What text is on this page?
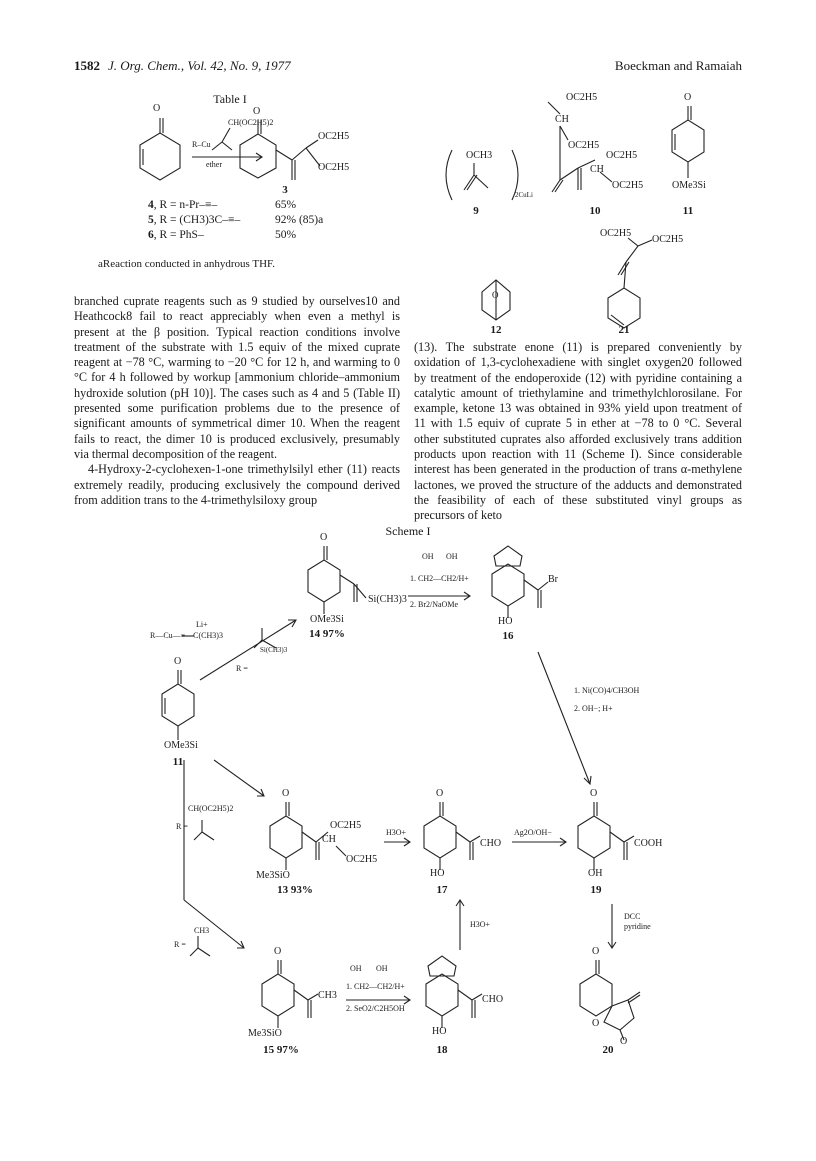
1582 J. Org. Chem., Vol. 42, No. 9, 1977	Boeckman and Ramaiah
Table I
O
CH(OC2H5)2
R–Cu
ether
O
OC2H5
OC2H5
3
4, R = n-Pr–≡–	65%
5, R = (CH3)3C–≡–	92% (85)a
6, R = PhS–	50%
aReaction conducted in anhydrous THF.
OCH3
2CuLi
9
OC2H5
CH
OC2H5
OC2H5
CH
OC2H5
10
O
OMe3Si
11
O
12
OC2H5
OC2H5
21

branched cuprate reagents such as 9 studied by ourselves10 and Heathcock8 fail to react appreciably when even a methyl is present at the β position. Typical reaction conditions involve treatment of the substrate with 1.5 equiv of the mixed cuprate reagent at −78 °C, warming to −20 °C for 12 h, and warming to 0 °C for 4 h followed by workup [ammonium chloride–ammonium hydroxide solution (pH 10)]. The cases such as 4 and 5 (Table II) presented some purification problems due to the presence of significant amounts of symmetrical dimer 10. When the reagent fails to react, the dimer 10 is produced exclusively, presumably via thermal decomposition of the reagent.

4-Hydroxy-2-cyclohexen-1-one trimethylsilyl ether (11) reacts extremely readily, producing exclusively the compound derived from addition trans to the 4-trimethylsiloxy group

(13). The substrate enone (11) is prepared conveniently by oxidation of 1,3-cyclohexadiene with singlet oxygen20 followed by treatment of the endoperoxide (12) with pyridine containing a catalytic amount of triethylamine and trimethylchlorosilane. For example, ketone 13 was obtained in 93% yield upon treatment of 11 with 1.5 equiv of cuprate 5 in ether at −78 to 0 °C. Several other substituted cuprates also afforded exclusively trans addition products upon reaction with 11 (Scheme I). Since considerable interest has been generated in the production of trans α-methylene lactones, we proved the structure of the adducts and demonstrated the feasibility of each of these substituted vinyl groups as precursors of keto

Scheme I
O
OMe3Si
11
Li+
R—Cu—≡—C(CH3)3
Si(CH3)3
R =
O
Si(CH3)3
OMe3Si
14 97%
OH OH
1. CH2—CH2/H+
2. Br2/NaOMe
Br
HO
16
1. Ni(CO)4/CH3OH
2. OH−; H+
R =
CH(OC2H5)2
O
OC2H5
CH
OC2H5
Me3SiO
13 93%
H3O+
O
CHO
HO
17
Ag2O/OH−
O
COOH
OH
19
DCC
pyridine
R =
CH3
O
CH3
Me3SiO
15 97%
OH OH
1. CH2—CH2/H+
2. SeO2/C2H5OH
H3O+
CHO
HO
18
O
O
O
20
